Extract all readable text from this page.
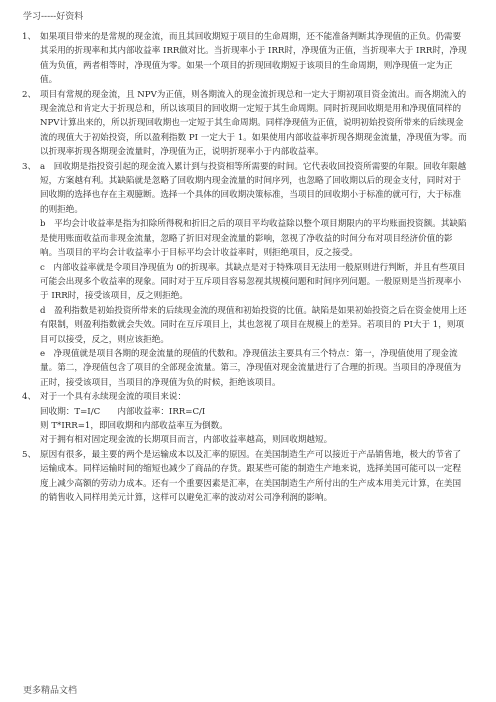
学习-----好资料
1、 如果项目带来的是常规的现金流，而且其回收期短于项目的生命周期，还不能准备判断其净现值的正负。仍需要其采用的折现率和其内部收益率 IRR做对比。当折现率小于 IRR时，净现值为正值，当折现率大于 IRR时，净现值为负值，两者相等时，净现值为零。如果一个项目的折现回收期短于该项目的生命周期，则净现值一定为正值。

2、 项目有常规的现金流，且 NPV为正值，则各期流入的现金流折现总和一定大于期初项目资金流出。而各期流入的现金流总和肯定大于折现总和，所以该项目的回收期一定短于其生命周期。同时折现回收期是用和净现值同样的 NPV计算出来的，所以折现回收期也一定短于其生命周期。同样净现值为正值，说明初始投资所带来的后续现金流的现值大于初始投资，所以盈利指数 PI 一定大于 1。如果使用内部收益率折现各期现金流量，净现值为零。而以折现率折现各期现金流量时，净现值为正，说明折现率小于内部收益率。

3、 a　回收期是指投资引起的现金流入累计到与投资相等所需要的时间。它代表收回投资所需要的年限。回收年限越短，方案越有利。其缺陷就是忽略了回收期内现金流量的时间序列，也忽略了回收期以后的现金支付，同时对于回收期的选择也存在主观臆断。选择一个具体的回收期决策标准，当项目的回收期小于标准的就可行，大于标准的则拒绝。

b　平均会计收益率是指为扣除所得税和折旧之后的项目平均收益除以整个项目期限内的平均账面投资额。其缺陷是使用账面收益而非现金流量，忽略了折旧对现金流量的影响，忽视了净收益的时间分布对项目经济价值的影响。当项目的平均会计收益率小于目标平均会计收益率时，则拒绝项目，反之接受。

c　内部收益率就是令项目净现值为 0的折现率。其缺点是对于特殊项目无法用一般原则进行判断，并且有些项目可能会出现多个收益率的现象。同时对于互斥项目容易忽视其规模问题和时间序列问题。一般原则是当折现率小于 IRR时，接受该项目，反之则拒绝。

d　盈利指数是初始投资所带来的后续现金流的现值和初始投资的比值。缺陷是如果初始投资之后在资金使用上还有限制，则盈利指数就会失效。同时在互斥项目上，其也忽视了项目在规模上的差异。若项目的 PI大于 1，则项目可以接受，反之，则应该拒绝。

e　净现值就是项目各期的现金流量的现值的代数和。净现值法主要具有三个特点：第一，净现值使用了现金流量。第二，净现值包含了项目的全部现金流量。第三，净现值对现金流量进行了合理的折现。当项目的净现值为正时，接受该项目，当项目的净现值为负的时候，拒绝该项目。

4、 对于一个具有永续现金流的项目来说：

回收期：T=I/C　　内部收益率：IRR=C/I

则 T*IRR=1，即回收期和内部收益率互为倒数。

对于拥有相对固定现金流的长期项目而言，内部收益率越高，则回收期越短。

5、 原因有很多，最主要的两个是运输成本以及汇率的原因。在美国制造生产可以接近于产品销售地，极大的节省了运输成本。同样运输时间的缩短也减少了商品的存货。跟某些可能的制造生产地来说，选择美国可能可以一定程度上减少高额的劳动力成本。还有一个重要因素是汇率，在美国制造生产所付出的生产成本用美元计算，在美国的销售收入同样用美元计算，这样可以避免汇率的波动对公司净利润的影响。

更多精品文档
